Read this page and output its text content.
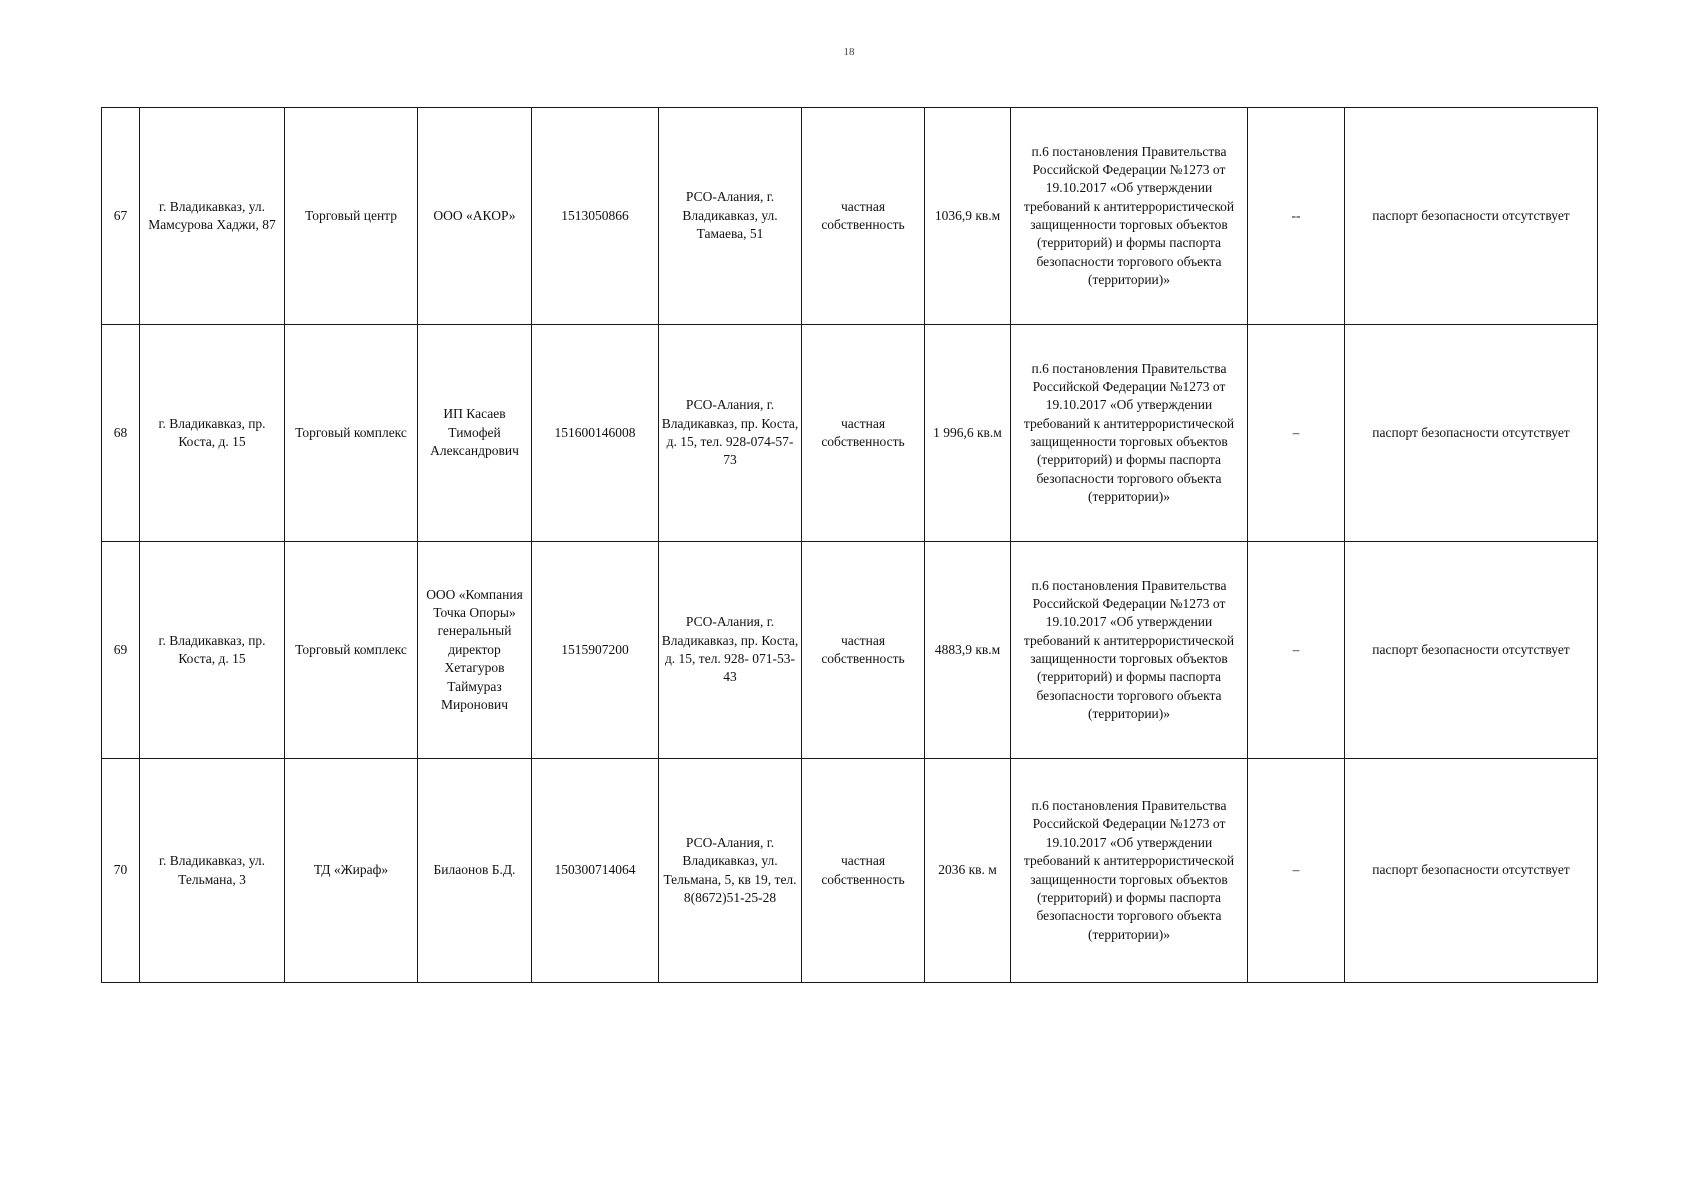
18
67	г. Владикавказ, ул. Мамсурова Хаджи, 87	Торговый центр	ООО «АКОР»	1513050866	РСО-Алания, г. Владикавказ, ул. Тамаева, 51	частная собственность	1036,9 кв.м	п.6 постановления Правительства Российской Федерации №1273 от 19.10.2017 «Об утверждении требований к антитеррористической защищенности торговых объектов (территорий) и формы паспорта безопасности торгового объекта (территории)»	--	паспорт безопасности отсутствует
68	г. Владикавказ, пр. Коста, д. 15	Торговый комплекс	ИП Касаев Тимофей Александрович	151600146008	РСО-Алания, г. Владикавказ, пр. Коста, д. 15, тел. 928-074-57-73	частная собственность	1 996,6 кв.м	п.6 постановления Правительства Российской Федерации №1273 от 19.10.2017 «Об утверждении требований к антитеррористической защищенности торговых объектов (территорий) и формы паспорта безопасности торгового объекта (территории)»	–	паспорт безопасности отсутствует
69	г. Владикавказ, пр. Коста, д. 15	Торговый комплекс	ООО «Компания Точка Опоры» генеральный директор Хетагуров Таймураз Миронович	1515907200	РСО-Алания, г. Владикавказ, пр. Коста, д. 15, тел. 928- 071-53-43	частная собственность	4883,9 кв.м	п.6 постановления Правительства Российской Федерации №1273 от 19.10.2017 «Об утверждении требований к антитеррористической защищенности торговых объектов (территорий) и формы паспорта безопасности торгового объекта (территории)»	–	паспорт безопасности отсутствует
70	г. Владикавказ, ул. Тельмана, 3	ТД «Жираф»	Билаонов Б.Д.	150300714064	РСО-Алания, г. Владикавказ, ул. Тельмана, 5, кв 19, тел. 8(8672)51-25-28	частная собственность	2036 кв. м	п.6 постановления Правительства Российской Федерации №1273 от 19.10.2017 «Об утверждении требований к антитеррористической защищенности торговых объектов (территорий) и формы паспорта безопасности торгового объекта (территории)»	–	паспорт безопасности отсутствует
